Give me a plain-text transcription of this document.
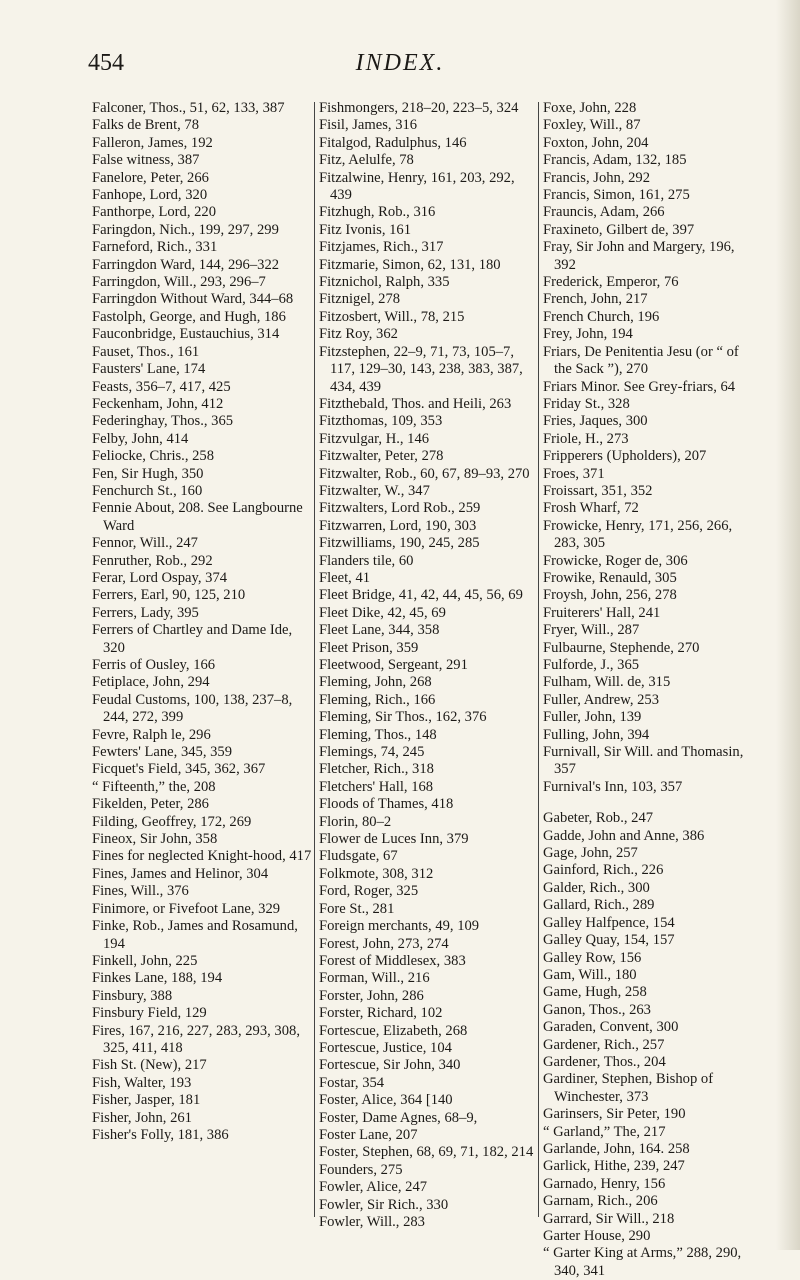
454	INDEX.
Falconer, Thos., 51, 62, 133, 387
Falks de Brent, 78
Falleron, James, 192
False witness, 387
Fanelore, Peter, 266
Fanhope, Lord, 320
Fanthorpe, Lord, 220
Faringdon, Nich., 199, 297, 299
Farneford, Rich., 331
Farringdon Ward, 144, 296–322
Farringdon, Will., 293, 296–7
Farringdon Without Ward, 344–68
Fastolph, George, and Hugh, 186
Fauconbridge, Eustauchius, 314
Fauset, Thos., 161
Fausters' Lane, 174
Feasts, 356–7, 417, 425
Feckenham, John, 412
Federinghay, Thos., 365
Felby, John, 414
Feliocke, Chris., 258
Fen, Sir Hugh, 350
Fenchurch St., 160
Fennie About, 208. See Langbourne Ward
Fennor, Will., 247
Fenruther, Rob., 292
Ferar, Lord Ospay, 374
Ferrers, Earl, 90, 125, 210
Ferrers, Lady, 395
Ferrers of Chartley and Dame Ide, 320
Ferris of Ousley, 166
Fetiplace, John, 294
Feudal Customs, 100, 138, 237–8, 244, 272, 399
Fevre, Ralph le, 296
Fewters' Lane, 345, 359
Ficquet's Field, 345, 362, 367
“ Fifteenth,” the, 208
Fikelden, Peter, 286
Filding, Geoffrey, 172, 269
Fineox, Sir John, 358
Fines for neglected Knight-hood, 417
Fines, James and Helinor, 304
Fines, Will., 376
Finimore, or Fivefoot Lane, 329
Finke, Rob., James and Rosamund, 194
Finkell, John, 225
Finkes Lane, 188, 194
Finsbury, 388
Finsbury Field, 129
Fires, 167, 216, 227, 283, 293, 308, 325, 411, 418
Fish St. (New), 217
Fish, Walter, 193
Fisher, Jasper, 181
Fisher, John, 261
Fisher's Folly, 181, 386
Fishmongers, 218–20, 223–5, 324
Fisil, James, 316
Fitalgod, Radulphus, 146
Fitz, Aelulfe, 78
Fitzalwine, Henry, 161, 203, 292, 439
Fitzhugh, Rob., 316
Fitz Ivonis, 161
Fitzjames, Rich., 317
Fitzmarie, Simon, 62, 131, 180
Fitznichol, Ralph, 335
Fitznigel, 278
Fitzosbert, Will., 78, 215
Fitz Roy, 362
Fitzstephen, 22–9, 71, 73, 105–7, 117, 129–30, 143, 238, 383, 387, 434, 439
Fitzthebald, Thos. and Heili, 263
Fitzthomas, 109, 353
Fitzvulgar, H., 146
Fitzwalter, Peter, 278
Fitzwalter, Rob., 60, 67, 89–93, 270
Fitzwalter, W., 347
Fitzwalters, Lord Rob., 259
Fitzwarren, Lord, 190, 303
Fitzwilliams, 190, 245, 285
Flanders tile, 60
Fleet, 41
Fleet Bridge, 41, 42, 44, 45, 56, 69
Fleet Dike, 42, 45, 69
Fleet Lane, 344, 358
Fleet Prison, 359
Fleetwood, Sergeant, 291
Fleming, John, 268
Fleming, Rich., 166
Fleming, Sir Thos., 162, 376
Fleming, Thos., 148
Flemings, 74, 245
Fletcher, Rich., 318
Fletchers' Hall, 168
Floods of Thames, 418
Florin, 80–2
Flower de Luces Inn, 379
Fludsgate, 67
Folkmote, 308, 312
Ford, Roger, 325
Fore St., 281
Foreign merchants, 49, 109
Forest, John, 273, 274
Forest of Middlesex, 383
Forman, Will., 216
Forster, John, 286
Forster, Richard, 102
Fortescue, Elizabeth, 268
Fortescue, Justice, 104
Fortescue, Sir John, 340
Fostar, 354
Foster, Alice, 364 [140
Foster, Dame Agnes, 68–9,
Foster Lane, 207
Foster, Stephen, 68, 69, 71, 182, 214
Founders, 275
Fowler, Alice, 247
Fowler, Sir Rich., 330
Fowler, Will., 283
Foxe, John, 228
Foxley, Will., 87
Foxton, John, 204
Francis, Adam, 132, 185
Francis, John, 292
Francis, Simon, 161, 275
Frauncis, Adam, 266
Fraxineto, Gilbert de, 397
Fray, Sir John and Margery, 196, 392
Frederick, Emperor, 76
French, John, 217
French Church, 196
Frey, John, 194
Friars, De Penitentia Jesu (or “ of the Sack ”), 270
Friars Minor. See Grey-friars, 64
Friday St., 328
Fries, Jaques, 300
Friole, H., 273
Fripperers (Upholders), 207
Froes, 371
Froissart, 351, 352
Frosh Wharf, 72
Frowicke, Henry, 171, 256, 266, 283, 305
Frowicke, Roger de, 306
Frowike, Renauld, 305
Froysh, John, 256, 278
Fruiterers' Hall, 241
Fryer, Will., 287
Fulbaurne, Stephende, 270
Fulforde, J., 365
Fulham, Will. de, 315
Fuller, Andrew, 253
Fuller, John, 139
Fulling, John, 394
Furnivall, Sir Will. and Thomasin, 357
Furnival's Inn, 103, 357
Gabeter, Rob., 247
Gadde, John and Anne, 386
Gage, John, 257
Gainford, Rich., 226
Galder, Rich., 300
Gallard, Rich., 289
Galley Halfpence, 154
Galley Quay, 154, 157
Galley Row, 156
Gam, Will., 180
Game, Hugh, 258
Ganon, Thos., 263
Garaden, Convent, 300
Gardener, Rich., 257
Gardener, Thos., 204
Gardiner, Stephen, Bishop of Winchester, 373
Garinsers, Sir Peter, 190
“ Garland,” The, 217
Garlande, John, 164. 258
Garlick, Hithe, 239, 247
Garnado, Henry, 156
Garnam, Rich., 206
Garrard, Sir Will., 218
Garter House, 290
“ Garter King at Arms,” 288, 290, 340, 341
